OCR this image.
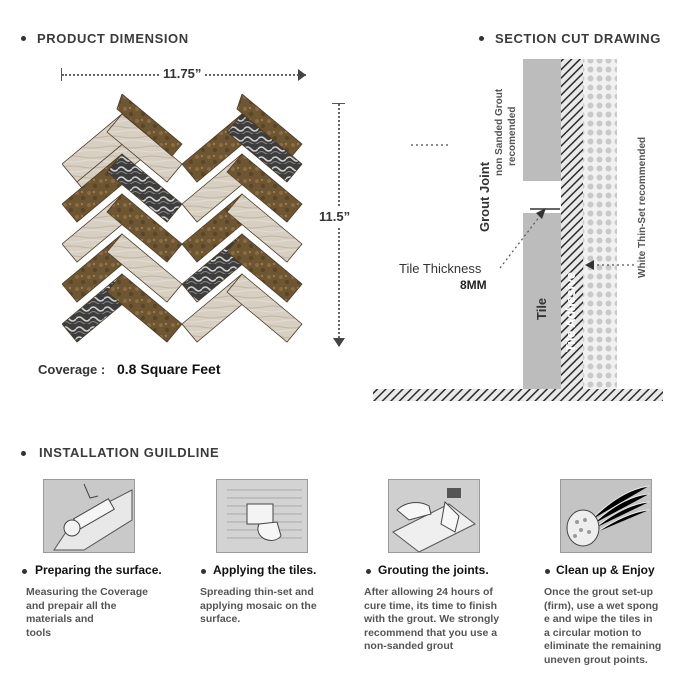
PRODUCT DIMENSION
11.75”
11.5”
Coverage : 0.8 Square Feet
SECTION CUT DRAWING
Grout Joint
non Sanded Grout recomended
Tile Tile Adhesive
White Thin-Set recommended
Tile Thickness
8MM
INSTALLATION GUILDLINE
Preparing the surface.	Applying the tiles.	Grouting the joints.	Clean up & Enjoy
Measuring the Coverage
and prepair all the
materials and
tools
Spreading thin-set and
applying mosaic on the
surface.
After allowing 24 hours of
cure time, its time to finish
with the grout. We strongly
recommend that you use a
non-sanded grout
Once the grout set-up
(firm), use a wet spong
e and wipe the tiles in
a circular motion to
eliminate the remaining
uneven grout points.
